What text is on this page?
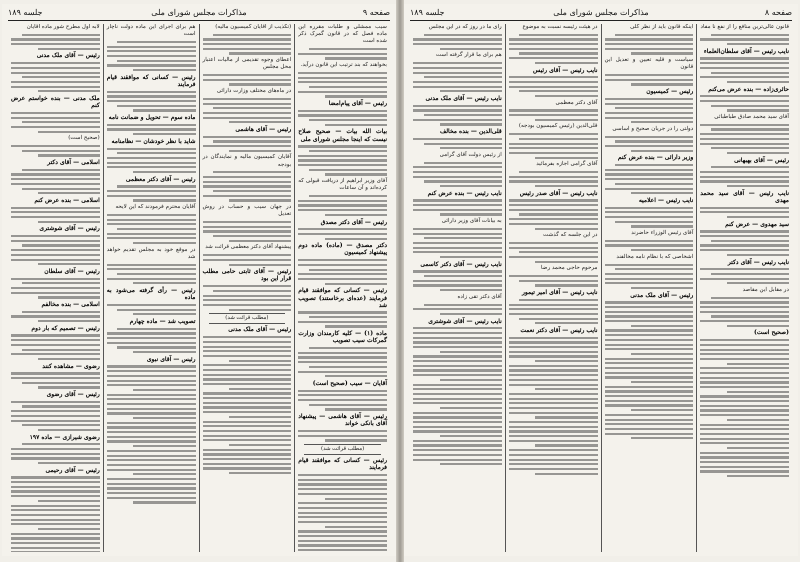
صفحه ٩
مذاکرات مجلس شورای ملی
جلسه ۱۸۹

سیب ممشلی و طلبات مقرره این ماده فصل که در قانون گمرک ذکر شده است

بخواهند که بند ترتیب این قانون درآید.

رئیس — آقای پیام‌امضا

بیات الله بیات — صحیح صلاح نیست که اینجا مجلس شورای ملی

آقای وزیر ابراهیم از دریافت قبولی که کرده‌اند و آن ساعات

رئیس — آقای دکتر مصدق

دکتر مصدق — (ماده) ماده دوم پیشنهاد کمیسیون

رئیس — کسانی که موافقند قیام فرمایند (عده‌ای برخاستند) تصویب شد

ماده (۱) — کلیه کارمندان وزارت گمرکات سیب تصویب

آقایان — سیب (صحیح است)

رئیس — آقای هاشمی — پیشنهاد آقای بانکی خواند

(مطلب قرائت شد)

رئیس — کسانی که موافقند قیام فرمایند

(تکذیب از آقایان کمیسیون مالیه)

اعطای وجوه تقدیمی از مالیات اعتبار محل مجلس

در ماه‌های مختلف وزارت دارائی

رئیس — آقای هاشمی

آقایان کمیسیون مالیه و نمایندگان در بودجه

در جهان سیب و حساب در روش تعدیل

پیشنهاد آقای دکتر معظمی قرائت شد

رئیس — آقای ثابتی حامی مطلب قرار این بود

(مطلب قرائت شد)

رئیس — آقای ملک مدنی

هم برای اجرای این ماده دولت ناچار است

رئیس — کسانی که موافقند قیام فرمایند

ماده سوم — تحویل و ضمانت نامه

شاید با نظر خودشان — نظامنامه

رئیس — آقای دکتر معظمی

آقایان محترم فرمودند که این لایحه

در موقع خود به مجلس تقدیم خواهد شد

رئیس — رأی گرفته می‌شود به ماده

تصویب شد — ماده چهارم

رئیس — آقای نبوی

لابه اول مطرح شور ماده آقایان

رئیس — آقای ملک مدنی

ملک مدنی — بنده خواستم عرض کنم

(صحیح است)

اسلامی — آقای دکتر

اسلامی — بنده عرض کنم

رئیس — آقای شوشتری

رئیس — آقای سلطان

اسلامی — بنده مخالفم

رئیس — تصمیم که بار دوم

رضوی — مشاهده کنند

رئیس — آقای رضوی

رضوی شیرازی — ماده ۱۹۷

رئیس — آقای رحیمی

صفحه ۸
مذاکرات مجلس شورای ملی
جلسه ۱۸۹

قانون عالی‌ترین منافع را از نفع نا مفاد

نایب رئیس — آقای سلطان‌العلماء

حائری‌زاده — بنده عرض می‌کنم

آقای سید محمد صادق طباطبائی

رئیس — آقای بهبهانی

نایب رئیس — آقای سید محمد مهدی

سید مهدوی — عرض کنم

نایب رئیس — آقای دکتر

در مقابل این مقاصد

(صحیح است)

اینکه قانون باید از نظر کلی

سیاست و قلیه تعیین و تعدیل این قانون

رئیس — کمیسیون

دولتی را در جریان صحیح و اساسی

وزیر دارائی — بنده عرض کنم

نایب رئیس — اعلامیه

آقای رئیس الوزراء حاضرند

اشخاصی که با نظام نامه مخالفند

رئیس — آقای ملک مدنی

در هیئت رئیسه نسبت به موضوع

نایب رئیس — آقای رئیس

آقای دکتر معظمی

قلی‌الدین (رئیس کمیسیون بودجه)

آقای گرامی اجازه بفرمائید

نایب رئیس — آقای صدر رئیس

در این جلسه که گذشت

مرحوم حاجی محمد رضا

نایب رئیس — آقای امیر تیمور

نایب رئیس — آقای دکتر نعمت

رأی ما در روز که در این مجلس

هم برای ما قرار گرفته است

نایب رئیس — آقای ملک مدنی

قلی‌الدین — بنده مخالف

از رئیس دولت آقای گرامی

نایب رئیس — بنده عرض کنم

به بیانات آقای وزیر دارائی

نایب رئیس — آقای دکتر کاسمی

آقای دکتر تقی زاده

نایب رئیس — آقای شوشتری
